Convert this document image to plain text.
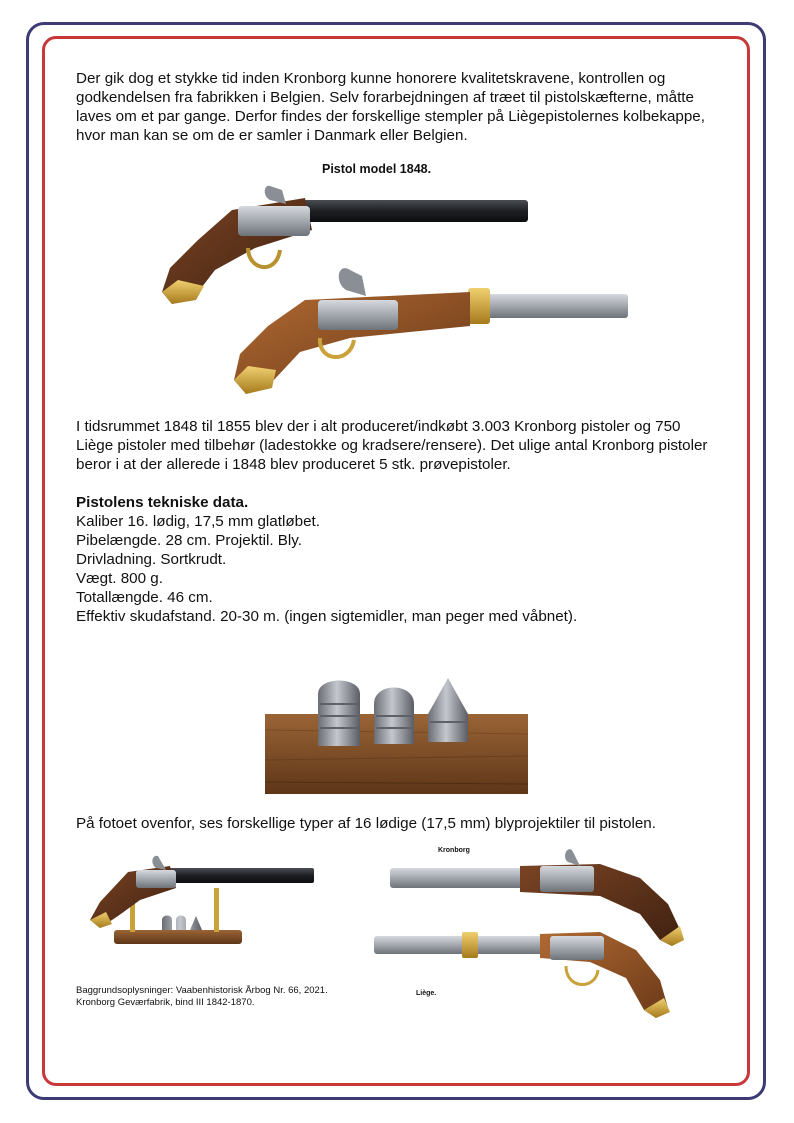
Der gik dog et stykke tid inden Kronborg kunne honorere kvalitetskravene, kontrollen og godkendelsen fra fabrikken i Belgien. Selv forarbejdningen af træet til pistolskæfterne, måtte laves om et par gange. Derfor findes der forskellige stempler på Liègepistolernes kolbekappe, hvor man kan se om de er samler i Danmark eller Belgien.

Pistol model 1848.
Kronborg
Liège.

I tidsrummet 1848 til 1855 blev der i alt produceret/indkøbt 3.003 Kronborg pistoler og 750 Liège pistoler med tilbehør (ladestokke og kradsere/rensere). Det ulige antal Kronborg pistoler beror i at der allerede i 1848 blev produceret 5 stk. prøvepistoler.

Pistolens tekniske data.
Kaliber 16. lødig, 17,5 mm glatløbet.
Pibelængde. 28 cm. Projektil. Bly.
Drivladning. Sortkrudt.
Vægt. 800 g.
Totallængde. 46 cm.
Effektiv skudafstand. 20-30 m. (ingen sigtemidler, man peger med våbnet).

På fotoet ovenfor, ses forskellige typer af 16 lødige (17,5 mm) blyprojektiler til pistolen.

Baggrundsoplysninger: Vaabenhistorisk Årbog Nr. 66, 2021. Kronborg Geværfabrik, bind III 1842-1870.
